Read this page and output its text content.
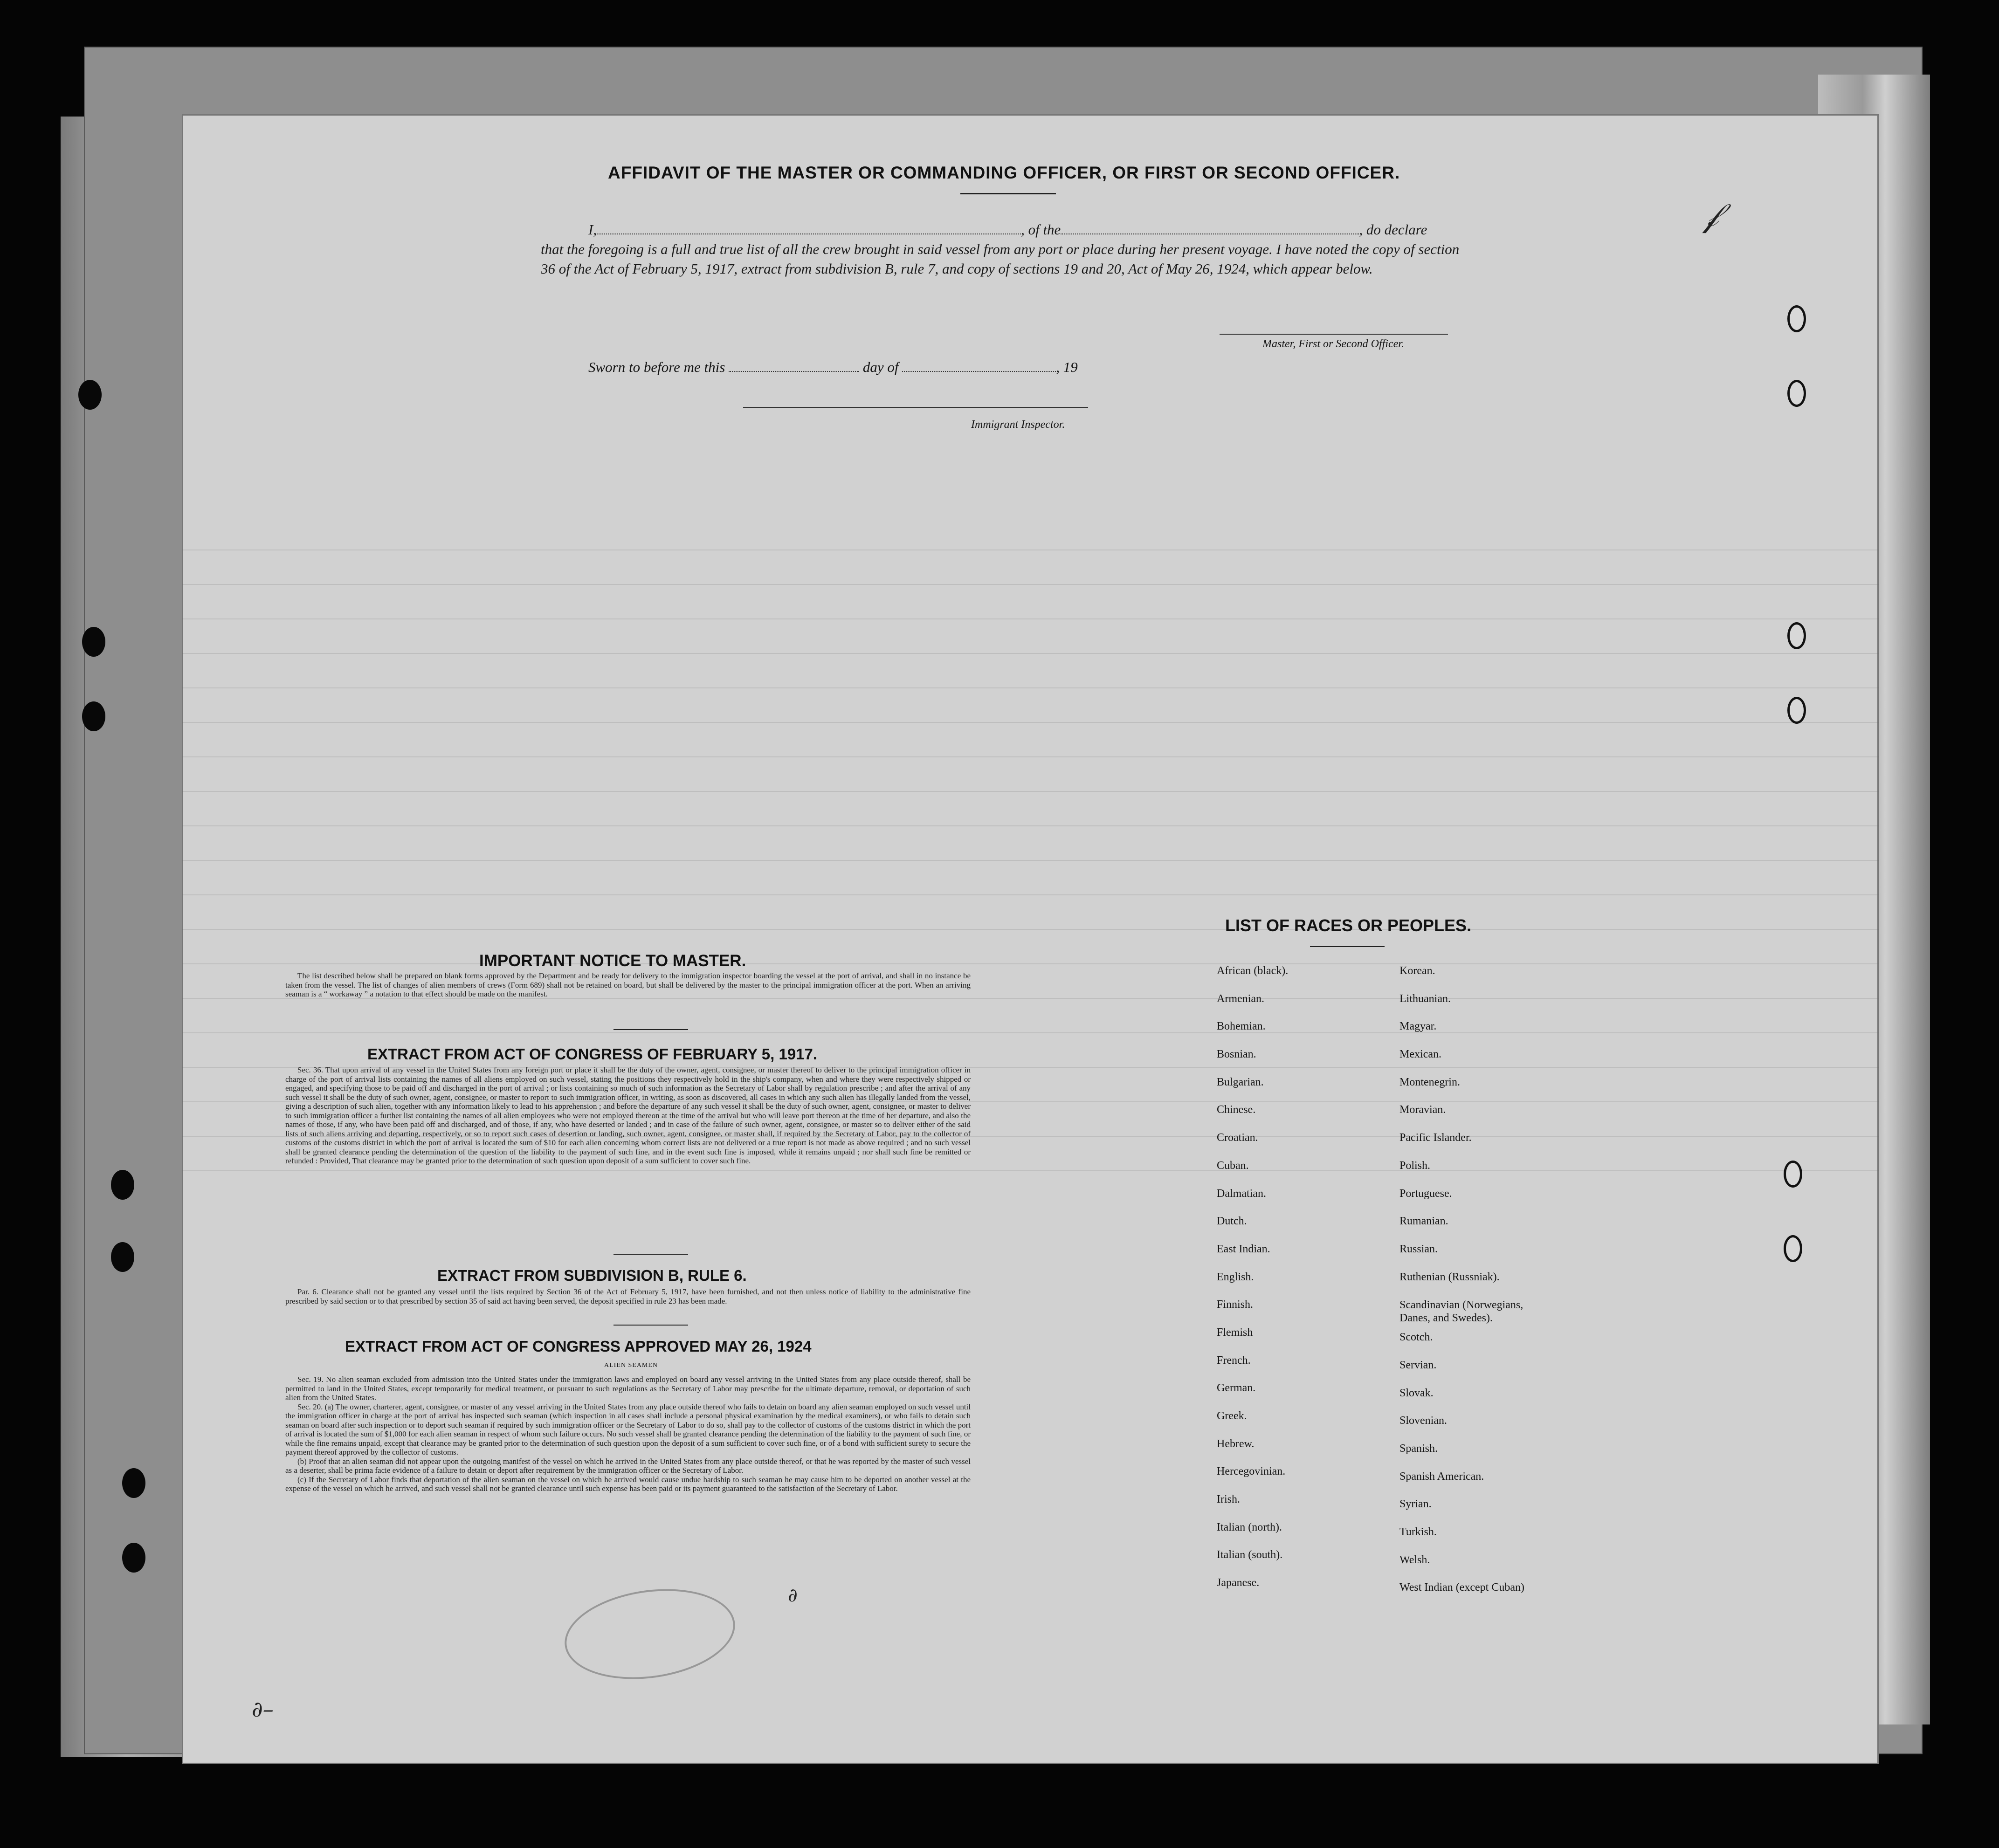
AFFIDAVIT OF THE MASTER OR COMMANDING OFFICER, OR FIRST OR SECOND OFFICER.
I,	, of the	, do declare
that the foregoing is a full and true list of all the crew brought in said vessel from any port or place during her present voyage. I have noted the copy of section 36 of the Act of February 5, 1917, extract from subdivision B, rule 7, and copy of sections 19 and 20, Act of May 26, 1924, which appear below.
Master, First or Second Officer.
Sworn to before me this	day of	, 19
Immigrant Inspector.
IMPORTANT NOTICE TO MASTER.

The list described below shall be prepared on blank forms approved by the Department and be ready for delivery to the immigration inspector boarding the vessel at the port of arrival, and shall in no instance be taken from the vessel. The list of changes of alien members of crews (Form 689) shall not be retained on board, but shall be delivered by the master to the principal immigration officer at the port. When an arriving seaman is a “ workaway ” a notation to that effect should be made on the manifest.

EXTRACT FROM ACT OF CONGRESS OF FEBRUARY 5, 1917.

Sec. 36. That upon arrival of any vessel in the United States from any foreign port or place it shall be the duty of the owner, agent, consignee, or master thereof to deliver to the principal immigration officer in charge of the port of arrival lists containing the names of all aliens employed on such vessel, stating the positions they respectively hold in the ship's company, when and where they were respectively shipped or engaged, and specifying those to be paid off and discharged in the port of arrival ; or lists containing so much of such information as the Secretary of Labor shall by regulation prescribe ; and after the arrival of any such vessel it shall be the duty of such owner, agent, consignee, or master to report to such immigration officer, in writing, as soon as discovered, all cases in which any such alien has illegally landed from the vessel, giving a description of such alien, together with any information likely to lead to his apprehension ; and before the departure of any such vessel it shall be the duty of such owner, agent, consignee, or master to deliver to such immigration officer a further list containing the names of all alien employees who were not employed thereon at the time of the arrival but who will leave port thereon at the time of her departure, and also the names of those, if any, who have been paid off and discharged, and of those, if any, who have deserted or landed ; and in case of the failure of such owner, agent, consignee, or master so to deliver either of the said lists of such aliens arriving and departing, respectively, or so to report such cases of desertion or landing, such owner, agent, consignee, or master shall, if required by the Secretary of Labor, pay to the collector of customs of the customs district in which the port of arrival is located the sum of $10 for each alien concerning whom correct lists are not delivered or a true report is not made as above required ; and no such vessel shall be granted clearance pending the determination of the question of the liability to the payment of such fine, and in the event such fine is imposed, while it remains unpaid ; nor shall such fine be remitted or refunded : Provided, That clearance may be granted prior to the determination of such question upon deposit of a sum sufficient to cover such fine.

EXTRACT FROM SUBDIVISION B, RULE 6.

Par. 6. Clearance shall not be granted any vessel until the lists required by Section 36 of the Act of February 5, 1917, have been furnished, and not then unless notice of liability to the administrative fine prescribed by said section or to that prescribed by section 35 of said act having been served, the deposit specified in rule 23 has been made.

EXTRACT FROM ACT OF CONGRESS APPROVED MAY 26, 1924
ALIEN SEAMEN

Sec. 19. No alien seaman excluded from admission into the United States under the immigration laws and employed on board any vessel arriving in the United States from any place outside thereof, shall be permitted to land in the United States, except temporarily for medical treatment, or pursuant to such regulations as the Secretary of Labor may prescribe for the ultimate departure, removal, or deportation of such alien from the United States.

Sec. 20. (a) The owner, charterer, agent, consignee, or master of any vessel arriving in the United States from any place outside thereof who fails to detain on board any alien seaman employed on such vessel until the immigration officer in charge at the port of arrival has inspected such seaman (which inspection in all cases shall include a personal physical examination by the medical examiners), or who fails to detain such seaman on board after such inspection or to deport such seaman if required by such immigration officer or the Secretary of Labor to do so, shall pay to the collector of customs of the customs district in which the port of arrival is located the sum of $1,000 for each alien seaman in respect of whom such failure occurs. No such vessel shall be granted clearance pending the determination of the liability to the payment of such fine, or while the fine remains unpaid, except that clearance may be granted prior to the determination of such question upon the deposit of a sum sufficient to cover such fine, or of a bond with sufficient surety to secure the payment thereof approved by the collector of customs.

(b) Proof that an alien seaman did not appear upon the outgoing manifest of the vessel on which he arrived in the United States from any place outside thereof, or that he was reported by the master of such vessel as a deserter, shall be prima facie evidence of a failure to detain or deport after requirement by the immigration officer or the Secretary of Labor.

(c) If the Secretary of Labor finds that deportation of the alien seaman on the vessel on which he arrived would cause undue hardship to such seaman he may cause him to be deported on another vessel at the expense of the vessel on which he arrived, and such vessel shall not be granted clearance until such expense has been paid or its payment guaranteed to the satisfaction of the Secretary of Labor.

LIST OF RACES OR PEOPLES.
African (black).
Armenian.
Bohemian.
Bosnian.
Bulgarian.
Chinese.
Croatian.
Cuban.
Dalmatian.
Dutch.
East Indian.
English.
Finnish.
Flemish
French.
German.
Greek.
Hebrew.
Hercegovinian.
Irish.
Italian (north).
Italian (south).
Japanese.
Korean.
Lithuanian.
Magyar.
Mexican.
Montenegrin.
Moravian.
Pacific Islander.
Polish.
Portuguese.
Rumanian.
Russian.
Ruthenian (Russniak).
Scandinavian (Norwegians, Danes, and Swedes).
Scotch.
Servian.
Slovak.
Slovenian.
Spanish.
Spanish American.
Syrian.
Turkish.
Welsh.
West Indian (except Cuban)
𝒻
∂–
∂
